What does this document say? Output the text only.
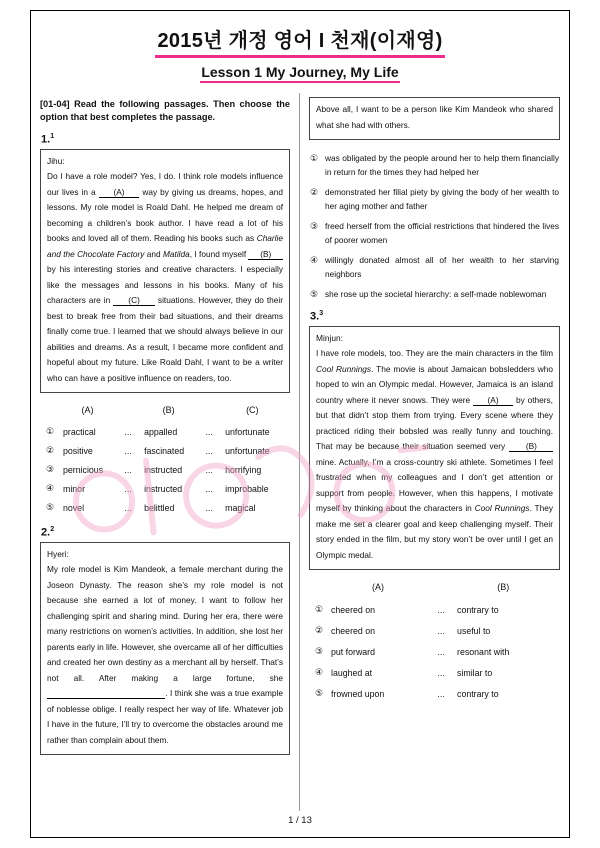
2015년 개정 영어 I 천재(이재영)
Lesson 1 My Journey, My Life

[01-04] Read the following passages. Then choose the option that best completes the passage.

1.$^1$
Jihu:
Do I have a role model? Yes, I do. I think role models influence our lives in a      (A)      way by giving us dreams, hopes, and lessons. My role model is Roald Dahl. He helped me dream of becoming a children’s book author. I have read a lot of his books and loved all of them. Reading his books such as Charlie and the Chocolate Factory and Matilda, I found myself      (B)      by his interesting stories and creative characters. I especially like the messages and lessons in his books. Many of his characters are in      (C)      situations. However, they do their best to break free from their bad situations, and their dreams finally come true. I learned that we should always believe in our abilities and dreams. As a result, I became more confident and hopeful about my future. Like Roald Dahl, I want to be a writer who can have a positive influence on readers, too.
	(A)		(B)		(C)
①	practical	...	appalled	...	unfortunate
②	positive	...	fascinated	...	unfortunate
③	pernicious	...	instructed	...	horrifying
④	minor	...	instructed	...	improbable
⑤	novel	...	belittled	...	magical
2.$^2$
Hyeri:
My role model is Kim Mandeok, a female merchant during the Joseon Dynasty. The reason she’s my role model is not because she earned a lot of money. I want to follow her challenging spirit and sharing mind. During her era, there were many restrictions on women’s activities. In addition, she lost her parents early in life. However, she overcame all of her difficulties and created her own destiny as a merchant all by herself. That’s not all. After making a large fortune, she                                                 . I think she was a true example of noblesse oblige. I really respect her way of life. Whatever job I have in the future, I’ll try to overcome the obstacles around me rather than complain about them.
Above all, I want to be a person like Kim Mandeok who shared what she had with others.
① was obligated by the people around her to help them financially in return for the times they had helped her
② demonstrated her filial piety by giving the body of her wealth to her aging mother and father
③ freed herself from the official restrictions that hindered the lives of poorer women
④ willingly donated almost all of her wealth to her starving neighbors
⑤ she rose up the societal hierarchy: a self-made noblewoman
3.$^3$
Minjun:
I have role models, too. They are the main characters in the film Cool Runnings. The movie is about Jamaican bobsledders who hoped to win an Olympic medal. However, Jamaica is an island country where it never snows. They were      (A)      by others, but that didn’t stop them from trying. Every scene where they practiced riding their bobsled was really funny and touching. That may be because their situation seemed very      (B)      mine. Actually, I’m a cross-country ski athlete. Sometimes I feel frustrated when my colleagues and I don’t get attention or support from people. However, when this happens, I motivate myself by thinking about the characters in Cool Runnings. They make me set a clearer goal and keep challenging myself. Their story ended in the film, but my story won’t be over until I get an Olympic medal.
	(A)		(B)
①	cheered on	...	contrary to
②	cheered on	...	useful to
③	put forward	...	resonant with
④	laughed at	...	similar to
⑤	frowned upon	...	contrary to
1 / 13
